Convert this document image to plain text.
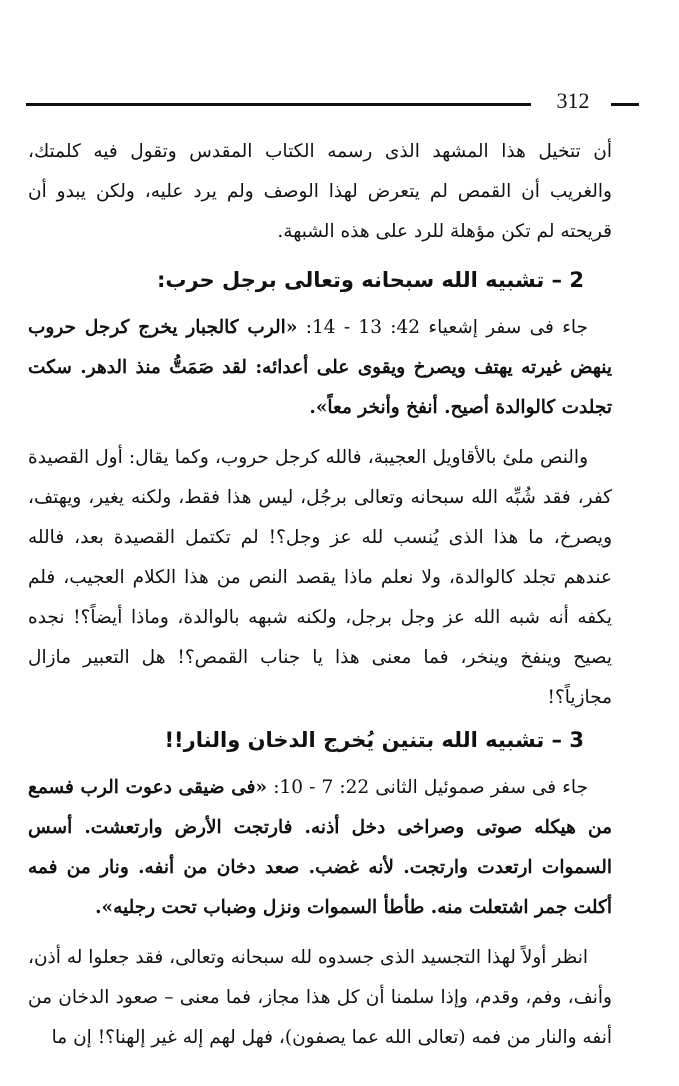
312

أن تتخيل هذا المشهد الذى رسمه الكتاب المقدس وتقول فيه كلمتك، والغريب أن القمص لم يتعرض لهذا الوصف ولم يرد عليه، ولكن يبدو أن قريحته لم تكن مؤهلة للرد على هذه الشبهة.

2 – تشبيه الله سبحانه وتعالى برجل حرب:

جاء فى سفر إشعياء 42: 13 - 14: «الرب كالجبار يخرج كرجل حروب ينهض غيرته يهتف ويصرخ ويقوى على أعدائه: لقد صَمَتُّ منذ الدهر. سكت تجلدت كالوالدة أصيح. أنفخ وأنخر معاً».

والنص ملئ بالأقاويل العجيبة، فالله كرجل حروب، وكما يقال: أول القصيدة كفر، فقد شُبِّه الله سبحانه وتعالى برجُل، ليس هذا فقط، ولكنه يغير، ويهتف، ويصرخ، ما هذا الذى يُنسب لله عز وجل؟! لم تكتمل القصيدة بعد، فالله عندهم تجلد كالوالدة، ولا نعلم ماذا يقصد النص من هذا الكلام العجيب، فلم يكفه أنه شبه الله عز وجل برجل، ولكنه شبهه بالوالدة، وماذا أيضاً؟! نجده يصيح وينفخ وينخر، فما معنى هذا يا جناب القمص؟! هل التعبير مازال مجازياً؟!

3 – تشبيه الله بتنين يُخرج الدخان والنار!!

جاء فى سفر صموئيل الثانى 22: 7 - 10: «فى ضيقى دعوت الرب فسمع من هيكله صوتى وصراخى دخل أذنه. فارتجت الأرض وارتعشت. أسس السموات ارتعدت وارتجت. لأنه غضب. صعد دخان من أنفه. ونار من فمه أكلت جمر اشتعلت منه. طأطأ السموات ونزل وضباب تحت رجليه».

انظر أولاً لهذا التجسيد الذى جسدوه لله سبحانه وتعالى، فقد جعلوا له أذن، وأنف، وفم، وقدم، وإذا سلمنا أن كل هذا مجاز، فما معنى – صعود الدخان من أنفه والنار من فمه (تعالى الله عما يصفون)، فهل لهم إله غير إلهنا؟! إن ما
